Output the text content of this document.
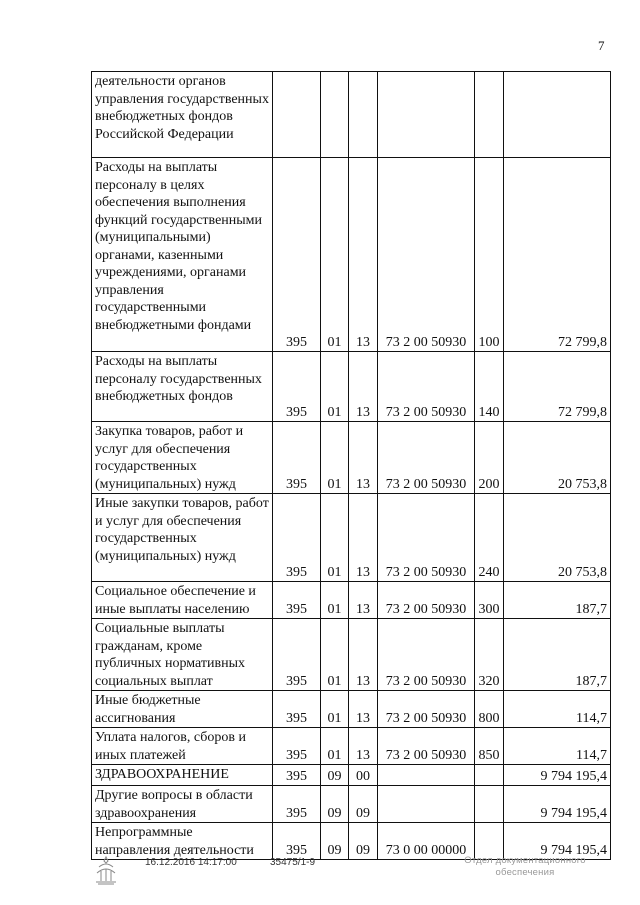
7
деятельности органов управления государственных внебюджетных фондов Российской Федерации						
Расходы на выплаты персоналу в целях обеспечения выполнения функций государственными (муниципальными) органами, казенными учреждениями, органами управления государственными внебюджетными фондами	395	01	13	73 2 00 50930	100	72 799,8
Расходы на выплаты персоналу государственных внебюджетных фондов	395	01	13	73 2 00 50930	140	72 799,8
Закупка товаров, работ и услуг для обеспечения государственных (муниципальных) нужд	395	01	13	73 2 00 50930	200	20 753,8
Иные закупки товаров, работ и услуг для обеспечения государственных (муниципальных) нужд	395	01	13	73 2 00 50930	240	20 753,8
Социальное обеспечение и иные выплаты населению	395	01	13	73 2 00 50930	300	187,7
Социальные выплаты гражданам, кроме публичных нормативных социальных выплат	395	01	13	73 2 00 50930	320	187,7
Иные бюджетные ассигнования	395	01	13	73 2 00 50930	800	114,7
Уплата налогов, сборов и иных платежей	395	01	13	73 2 00 50930	850	114,7
ЗДРАВООХРАНЕНИЕ	395	09	00			9 794 195,4
Другие вопросы в области здравоохранения	395	09	09			9 794 195,4
Непрограммные направления деятельности	395	09	09	73 0 00 00000		9 794 195,4
16.12.2016 14:17:00	35475/1-9	Отдел документационного
обеспечения
